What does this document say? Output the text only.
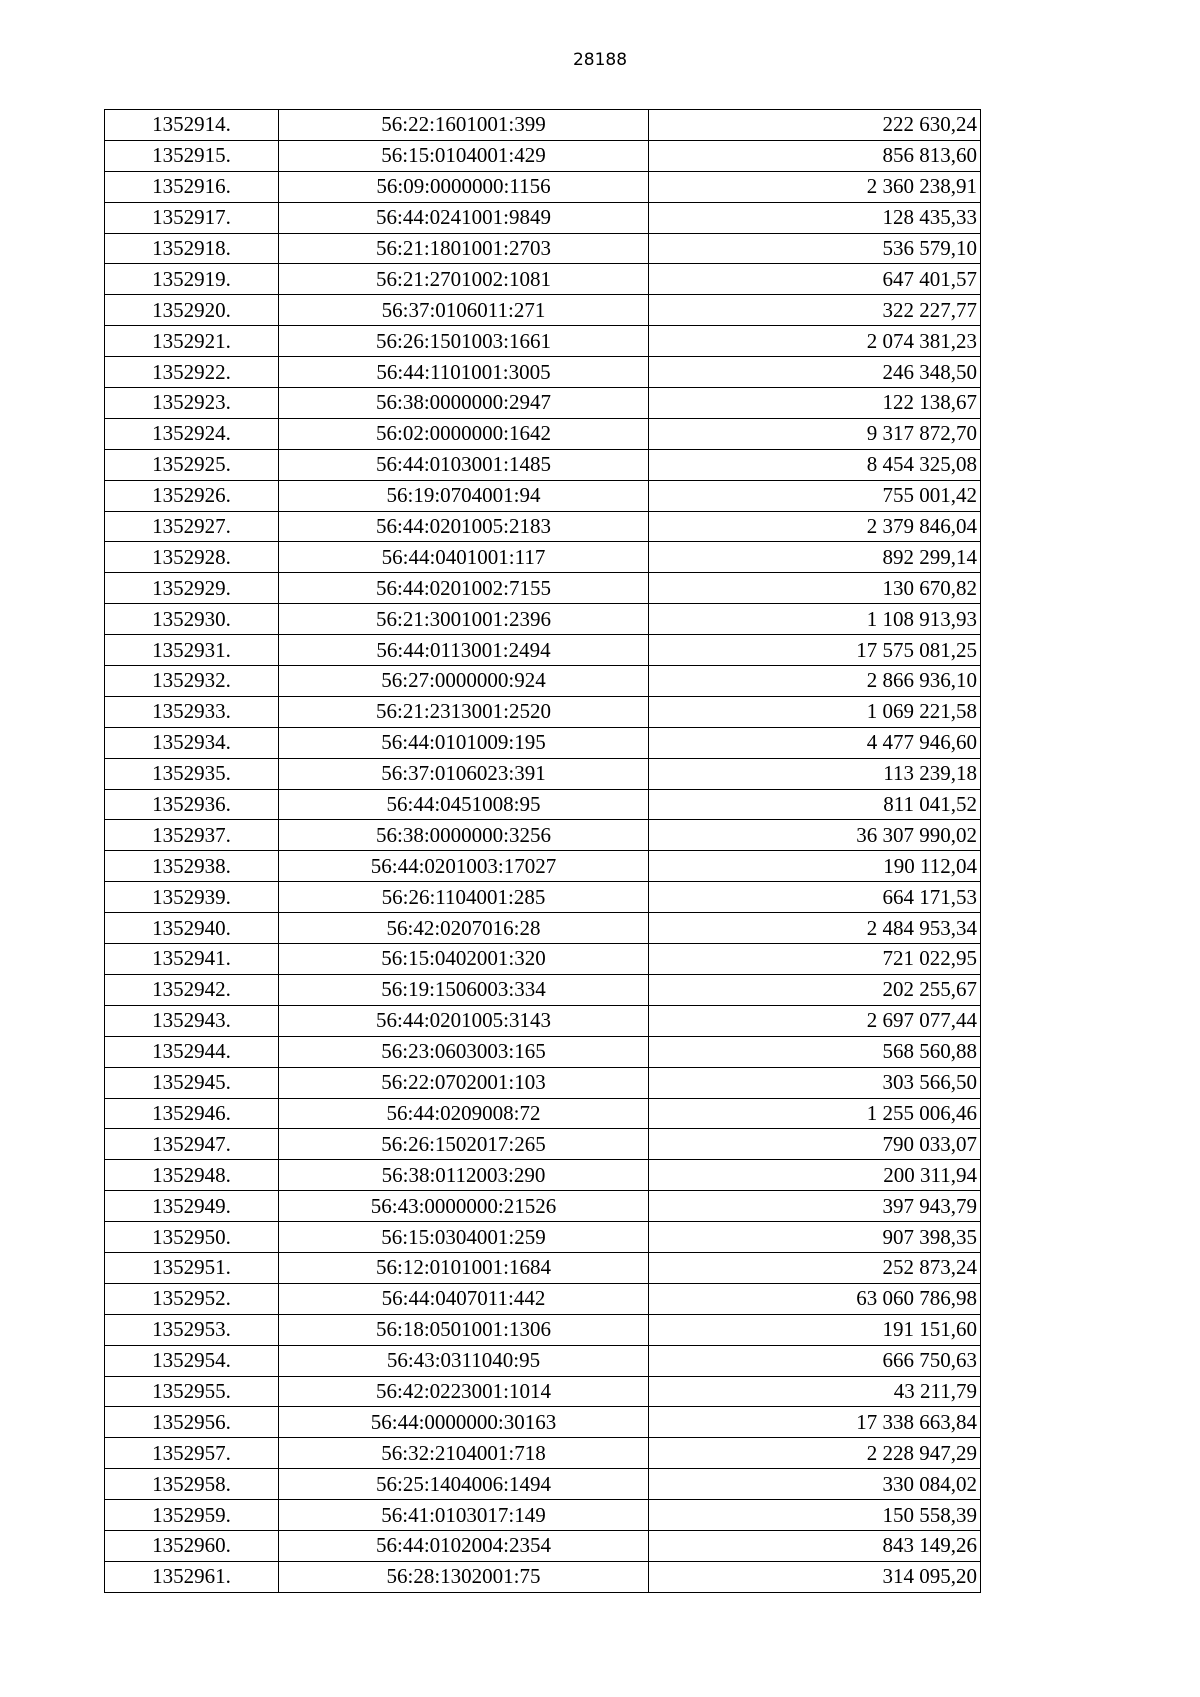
28188
1352914.	56:22:1601001:399	222 630,24
1352915.	56:15:0104001:429	856 813,60
1352916.	56:09:0000000:1156	2 360 238,91
1352917.	56:44:0241001:9849	128 435,33
1352918.	56:21:1801001:2703	536 579,10
1352919.	56:21:2701002:1081	647 401,57
1352920.	56:37:0106011:271	322 227,77
1352921.	56:26:1501003:1661	2 074 381,23
1352922.	56:44:1101001:3005	246 348,50
1352923.	56:38:0000000:2947	122 138,67
1352924.	56:02:0000000:1642	9 317 872,70
1352925.	56:44:0103001:1485	8 454 325,08
1352926.	56:19:0704001:94	755 001,42
1352927.	56:44:0201005:2183	2 379 846,04
1352928.	56:44:0401001:117	892 299,14
1352929.	56:44:0201002:7155	130 670,82
1352930.	56:21:3001001:2396	1 108 913,93
1352931.	56:44:0113001:2494	17 575 081,25
1352932.	56:27:0000000:924	2 866 936,10
1352933.	56:21:2313001:2520	1 069 221,58
1352934.	56:44:0101009:195	4 477 946,60
1352935.	56:37:0106023:391	113 239,18
1352936.	56:44:0451008:95	811 041,52
1352937.	56:38:0000000:3256	36 307 990,02
1352938.	56:44:0201003:17027	190 112,04
1352939.	56:26:1104001:285	664 171,53
1352940.	56:42:0207016:28	2 484 953,34
1352941.	56:15:0402001:320	721 022,95
1352942.	56:19:1506003:334	202 255,67
1352943.	56:44:0201005:3143	2 697 077,44
1352944.	56:23:0603003:165	568 560,88
1352945.	56:22:0702001:103	303 566,50
1352946.	56:44:0209008:72	1 255 006,46
1352947.	56:26:1502017:265	790 033,07
1352948.	56:38:0112003:290	200 311,94
1352949.	56:43:0000000:21526	397 943,79
1352950.	56:15:0304001:259	907 398,35
1352951.	56:12:0101001:1684	252 873,24
1352952.	56:44:0407011:442	63 060 786,98
1352953.	56:18:0501001:1306	191 151,60
1352954.	56:43:0311040:95	666 750,63
1352955.	56:42:0223001:1014	43 211,79
1352956.	56:44:0000000:30163	17 338 663,84
1352957.	56:32:2104001:718	2 228 947,29
1352958.	56:25:1404006:1494	330 084,02
1352959.	56:41:0103017:149	150 558,39
1352960.	56:44:0102004:2354	843 149,26
1352961.	56:28:1302001:75	314 095,20
